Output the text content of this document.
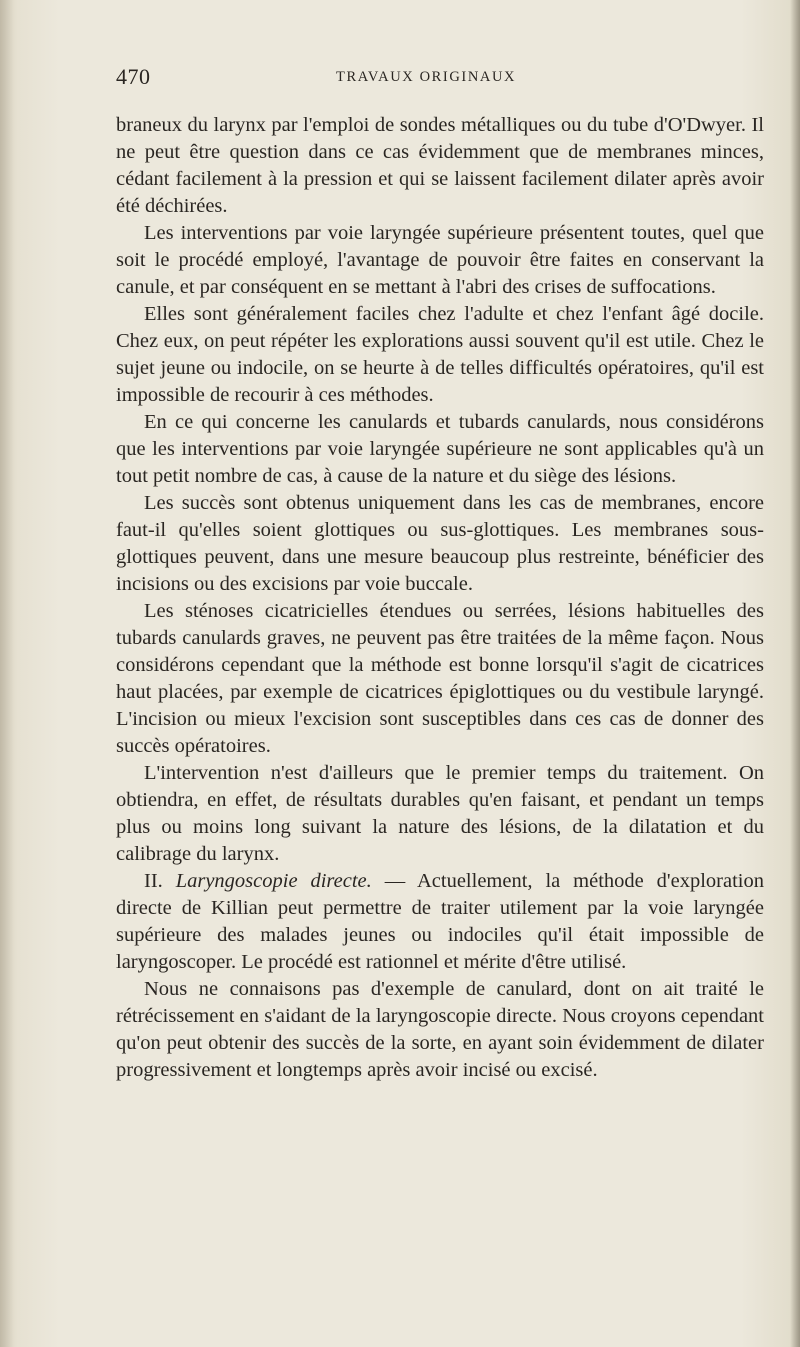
470	TRAVAUX ORIGINAUX

braneux du larynx par l'emploi de sondes métalliques ou du tube d'O'Dwyer. Il ne peut être question dans ce cas évidemment que de membranes minces, cédant facilement à la pression et qui se laissent facilement dilater après avoir été déchirées.

Les interventions par voie laryngée supérieure présentent toutes, quel que soit le procédé employé, l'avantage de pouvoir être faites en conservant la canule, et par conséquent en se mettant à l'abri des crises de suffocations.

Elles sont généralement faciles chez l'adulte et chez l'enfant âgé docile. Chez eux, on peut répéter les explorations aussi souvent qu'il est utile. Chez le sujet jeune ou indocile, on se heurte à de telles difficultés opératoires, qu'il est impossible de recourir à ces méthodes.

En ce qui concerne les canulards et tubards canulards, nous considérons que les interventions par voie laryngée supérieure ne sont applicables qu'à un tout petit nombre de cas, à cause de la nature et du siège des lésions.

Les succès sont obtenus uniquement dans les cas de membranes, encore faut-il qu'elles soient glottiques ou sus-glottiques. Les membranes sous-glottiques peuvent, dans une mesure beaucoup plus restreinte, bénéficier des incisions ou des excisions par voie buccale.

Les sténoses cicatricielles étendues ou serrées, lésions habituelles des tubards canulards graves, ne peuvent pas être traitées de la même façon. Nous considérons cependant que la méthode est bonne lorsqu'il s'agit de cicatrices haut placées, par exemple de cicatrices épiglottiques ou du vestibule laryngé. L'incision ou mieux l'excision sont susceptibles dans ces cas de donner des succès opératoires.

L'intervention n'est d'ailleurs que le premier temps du traitement. On obtiendra, en effet, de résultats durables qu'en faisant, et pendant un temps plus ou moins long suivant la nature des lésions, de la dilatation et du calibrage du larynx.

II. Laryngoscopie directe. — Actuellement, la méthode d'exploration directe de Killian peut permettre de traiter utilement par la voie laryngée supérieure des malades jeunes ou indociles qu'il était impossible de laryngoscoper. Le procédé est rationnel et mérite d'être utilisé.

Nous ne connaisons pas d'exemple de canulard, dont on ait traité le rétrécissement en s'aidant de la laryngoscopie directe. Nous croyons cependant qu'on peut obtenir des succès de la sorte, en ayant soin évidemment de dilater progressivement et longtemps après avoir incisé ou excisé.
